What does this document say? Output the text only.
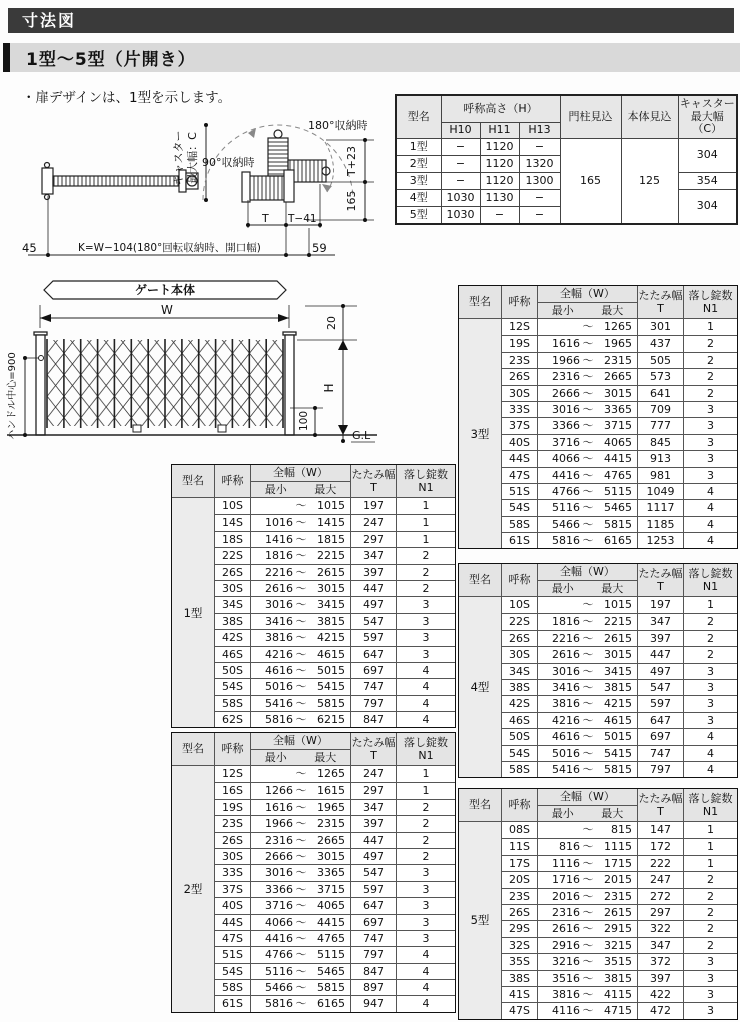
寸法図
1型〜5型（片開き）
・扉デザインは、1型を示します。
キャスター 最大幅：C 90°収納時
180°収納時
T+23
165
T T−41
45	K=W−104(180°回転収納時、開口幅)	59
型名	呼称高さ（H）			門柱見込	本体見込	キャスター
最大幅
（C）

	H10	H11	H13			
1型	−	1120	−	165	125	304
2型	−	1120	1320			
3型	−	1120	1300			354
4型	1030	1130	−			304
5型	1030	−	−			
ゲート本体
W
ハンドル中心=900
20
H
100
G.L
型名	呼称
全幅（W）
最小	最大
たたみ幅
T
落し錠数
N1
10S	〜 1015	197	1
14S	1016 〜 1415	247	1
18S	1416 〜 1815	297	1
22S	1816 〜 2215	347	2
26S	2216 〜 2615	397	2
30S	2616 〜 3015	447	2
34S	3016 〜 3415	497	3
38S	3416 〜 3815	547	3
42S	3816 〜 4215	597	3
46S	4216 〜 4615	647	3
50S	4616 〜 5015	697	4
54S	5016 〜 5415	747	4
58S	5416 〜 5815	797	4
62S	5816 〜 6215	847	4
1型
型名	呼称
全幅（W）
最小	最大
たたみ幅
T
落し錠数
N1
12S	〜 1265	247	1
16S	1266 〜 1615	297	1
19S	1616 〜 1965	347	2
23S	1966 〜 2315	397	2
26S	2316 〜 2665	447	2
30S	2666 〜 3015	497	2
33S	3016 〜 3365	547	3
37S	3366 〜 3715	597	3
40S	3716 〜 4065	647	3
44S	4066 〜 4415	697	3
47S	4416 〜 4765	747	3
51S	4766 〜 5115	797	4
54S	5116 〜 5465	847	4
58S	5466 〜 5815	897	4
61S	5816 〜 6165	947	4
2型
型名	呼称
全幅（W）
最小	最大
たたみ幅
T
落し錠数
N1
12S	〜 1265	301	1
19S	1616 〜 1965	437	2
23S	1966 〜 2315	505	2
26S	2316 〜 2665	573	2
30S	2666 〜 3015	641	2
33S	3016 〜 3365	709	3
37S	3366 〜 3715	777	3
40S	3716 〜 4065	845	3
44S	4066 〜 4415	913	3
47S	4416 〜 4765	981	3
51S	4766 〜 5115	1049	4
54S	5116 〜 5465	1117	4
58S	5466 〜 5815	1185	4
61S	5816 〜 6165	1253	4
3型
型名	呼称
全幅（W）
最小	最大
たたみ幅
T
落し錠数
N1
10S	〜 1015	197	1
22S	1816 〜 2215	347	2
26S	2216 〜 2615	397	2
30S	2616 〜 3015	447	2
34S	3016 〜 3415	497	3
38S	3416 〜 3815	547	3
42S	3816 〜 4215	597	3
46S	4216 〜 4615	647	3
50S	4616 〜 5015	697	4
54S	5016 〜 5415	747	4
58S	5416 〜 5815	797	4
4型
型名	呼称
全幅（W）
最小	最大
たたみ幅
T
落し錠数
N1
08S	〜	815	147	1
11S	816 〜 1115	172	1
17S	1116 〜 1715	222	1
20S	1716 〜 2015	247	2
23S	2016 〜 2315	272	2
26S	2316 〜 2615	297	2
29S	2616 〜 2915	322	2
32S	2916 〜 3215	347	2
35S	3216 〜 3515	372	3
38S	3516 〜 3815	397	3
41S	3816 〜 4115	422	3
47S	4116 〜 4715	472	3
5型
